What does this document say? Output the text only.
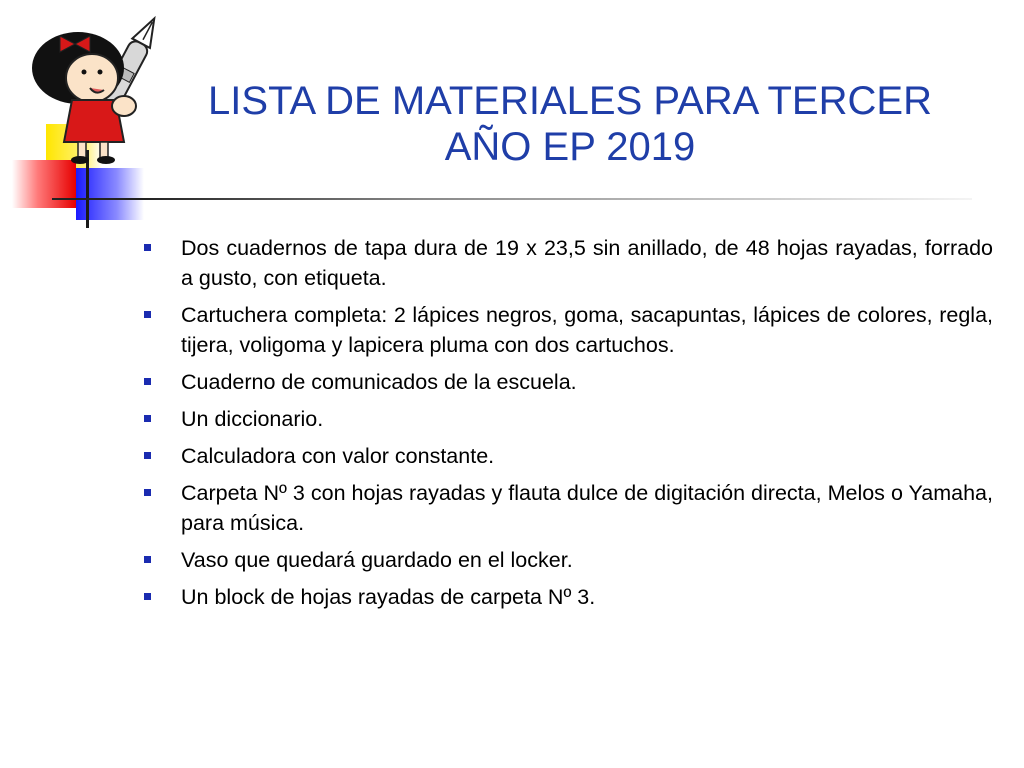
LISTA DE MATERIALES PARA TERCER
AÑO EP 2019
Dos cuadernos de tapa dura de 19 x 23,5 sin anillado, de 48 hojas rayadas, forrado a gusto, con etiqueta.
Cartuchera completa: 2 lápices negros, goma, sacapuntas, lápices de colores, regla, tijera, voligoma y lapicera pluma con dos cartuchos.
Cuaderno de comunicados de la escuela.
Un diccionario.
Calculadora con valor constante.
Carpeta Nº 3 con hojas rayadas y flauta dulce de digitación directa, Melos o Yamaha, para música.
Vaso que quedará guardado en el locker.
Un block de hojas rayadas de carpeta Nº 3.
